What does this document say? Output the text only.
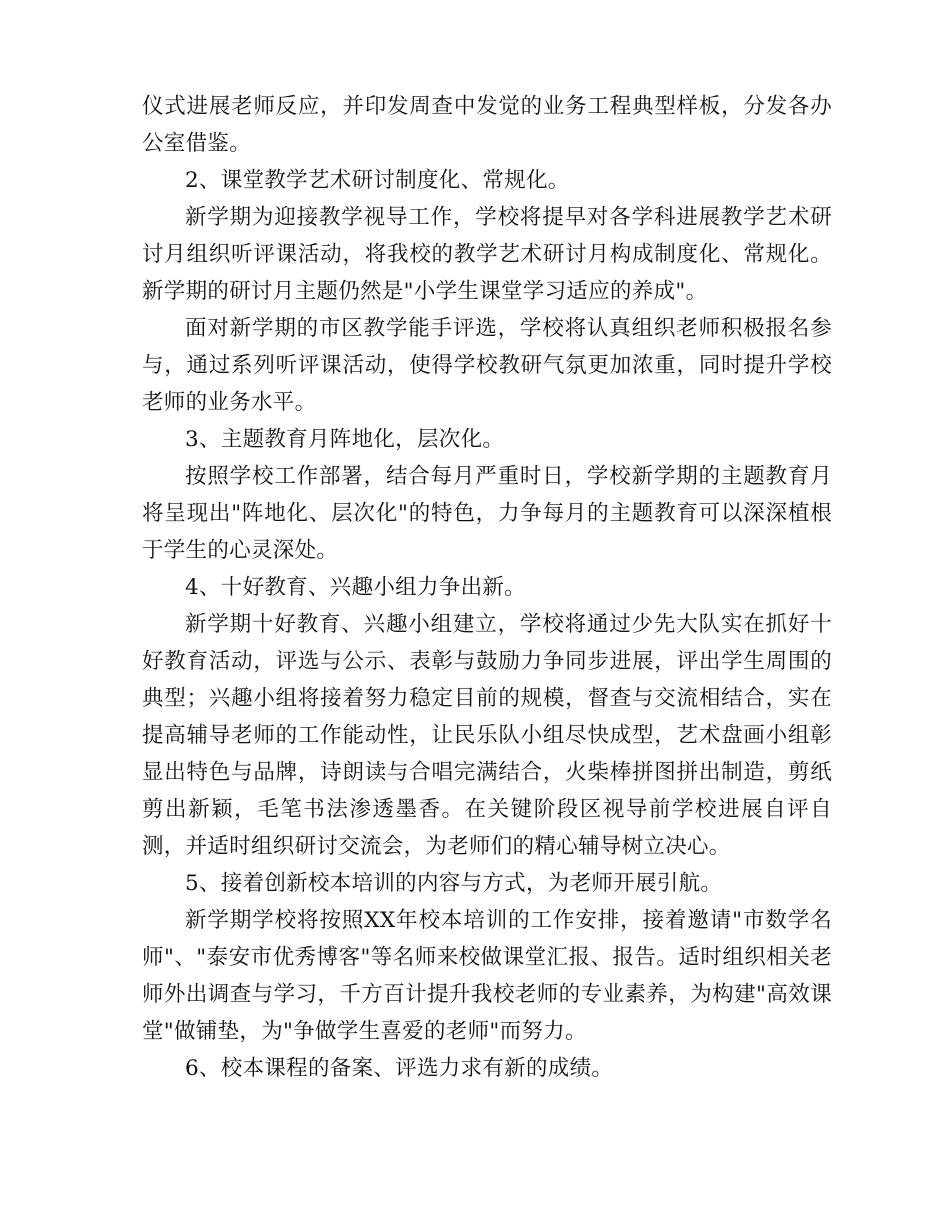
仪式进展老师反应，并印发周查中发觉的业务工程典型样板，分发各办公室借鉴。

2、课堂教学艺术研讨制度化、常规化。

新学期为迎接教学视导工作，学校将提早对各学科进展教学艺术研讨月组织听评课活动，将我校的教学艺术研讨月构成制度化、常规化。新学期的研讨月主题仍然是"小学生课堂学习适应的养成"。

面对新学期的市区教学能手评选，学校将认真组织老师积极报名参与，通过系列听评课活动，使得学校教研气氛更加浓重，同时提升学校老师的业务水平。

3、主题教育月阵地化，层次化。

按照学校工作部署，结合每月严重时日，学校新学期的主题教育月将呈现出"阵地化、层次化"的特色，力争每月的主题教育可以深深植根于学生的心灵深处。

4、十好教育、兴趣小组力争出新。

新学期十好教育、兴趣小组建立，学校将通过少先大队实在抓好十好教育活动，评选与公示、表彰与鼓励力争同步进展，评出学生周围的典型；兴趣小组将接着努力稳定目前的规模，督查与交流相结合，实在提高辅导老师的工作能动性，让民乐队小组尽快成型，艺术盘画小组彰显出特色与品牌，诗朗读与合唱完满结合，火柴棒拼图拼出制造，剪纸剪出新颖，毛笔书法渗透墨香。在关键阶段区视导前学校进展自评自测，并适时组织研讨交流会，为老师们的精心辅导树立决心。

5、接着创新校本培训的内容与方式，为老师开展引航。

新学期学校将按照XX年校本培训的工作安排，接着邀请"市数学名师"、"泰安市优秀博客"等名师来校做课堂汇报、报告。适时组织相关老师外出调查与学习，千方百计提升我校老师的专业素养，为构建"高效课堂"做铺垫，为"争做学生喜爱的老师"而努力。

6、校本课程的备案、评选力求有新的成绩。
